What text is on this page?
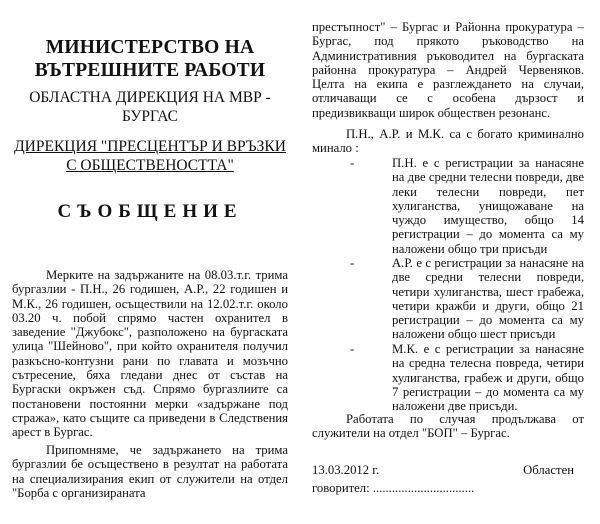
МИНИСТЕРСТВО НА
ВЪТРЕШНИТЕ РАБОТИ
ОБЛАСТНА ДИРЕКЦИЯ НА МВР -
БУРГАС
ДИРЕКЦИЯ "ПРЕСЦЕНТЪР И ВРЪЗКИ
С ОБЩЕСТВЕНОСТТА"
СЪОБЩЕНИЕ

Мерките на задържаните на 08.03.т.г. трима бургазлии - П.Н., 26 годишен, А.Р., 22 годишен и М.К., 26 годишен, осъществили на 12.02.т.г. около 03.20 ч. побой спрямо частен охранител в заведение "Джубокс", разположено на бургаската улица "Шейново", при който охранителя получил разкъсно-контузни рани по главата и мозъчно сътресение, бяха гледани днес от състав на Бургаски окръжен съд. Спрямо бургазлиите са постановени постоянни мерки «задържане под стража», като същите са приведени в Следствения арест в Бургас.

Припомняме, че задържането на трима бургазлии бе осъществено в резултат на работата на специализирания екип от служители на отдел "Борба с организираната

престъпност" – Бургас и Районна прокуратура – Бургас, под прякото ръководство на Административния ръководител на бургаската районна прокуратура – Андрей Червеняков. Целта на екипа е разглеждането на случаи, отличаващи се с особена дързост и предизвикващи широк обществен резонанс.

П.Н., А.Р. и М.К. са с богато криминално минало :

-	П.Н. е с регистрации за нанасяне на две средни телесни повреди, две леки телесни повреди, пет хулиганства, унищожаване на чуждо имущество, общо 14 регистрации – до момента са му наложени общо три присъди

-	А.Р. е с регистрации за нанасяне на две средни телесни повреди, четири хулиганства, шест грабежа, четири кражби и други, общо 21 регистрации – до момента са му наложени общо шест присъди

-	М.К. е с регистрации за нанасяне на средна телесна повреда, четири хулиганства, грабеж и други, общо 7 регистрации – до момента са му наложени две присъди.

Работата по случая продължава от служители на отдел "БОП" – Бургас.

13.03.2012 г.	Областен
говорител: ................................
